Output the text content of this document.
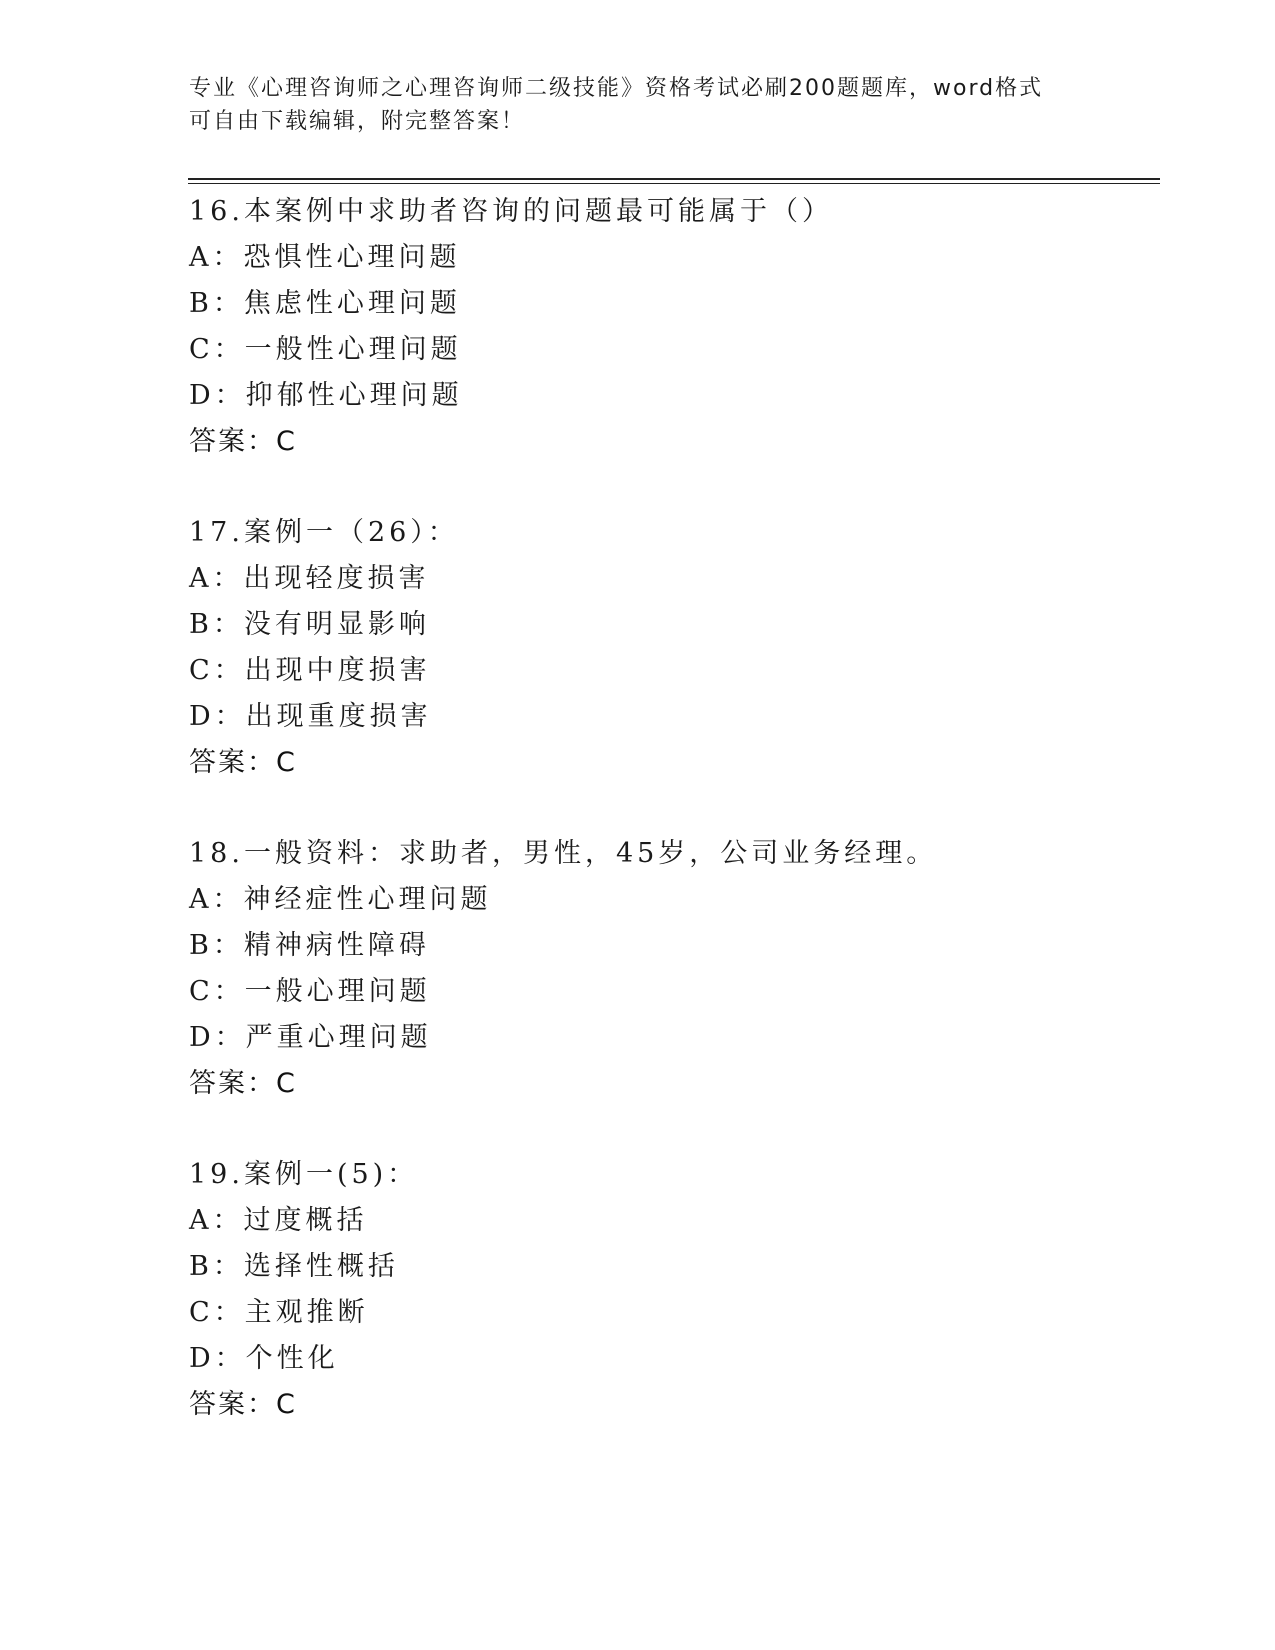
专业《心理咨询师之心理咨询师二级技能》资格考试必刷200题题库，word格式
可自由下载编辑，附完整答案！
16.本案例中求助者咨询的问题最可能属于（）
A：恐惧性心理问题
B：焦虑性心理问题
C：一般性心理问题
D：抑郁性心理问题
答案：C
17.案例一（26）：
A：出现轻度损害
B：没有明显影响
C：出现中度损害
D：出现重度损害
答案：C
18.一般资料：求助者，男性，45岁，公司业务经理。
A：神经症性心理问题
B：精神病性障碍
C：一般心理问题
D：严重心理问题
答案：C
19.案例一(5)：
A：过度概括
B：选择性概括
C：主观推断
D：个性化
答案：C
